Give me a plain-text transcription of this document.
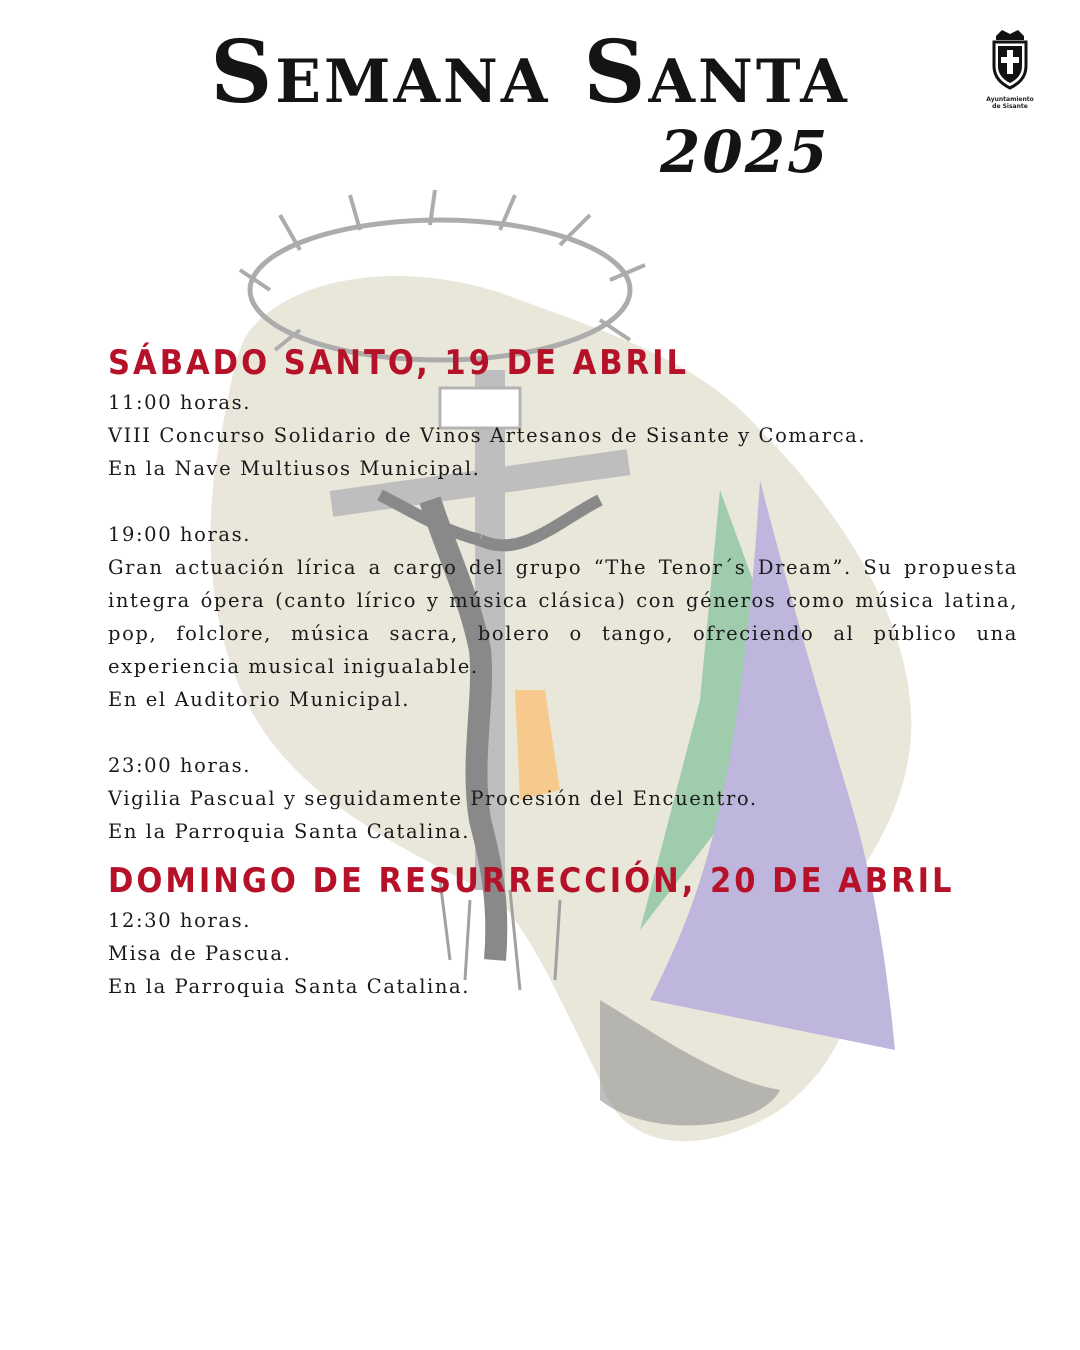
Semana Santa
2025
Ayuntamiento
de Sisante
SÁBADO SANTO, 19 DE ABRIL
11:00 horas.
VIII Concurso Solidario de Vinos Artesanos de Sisante y Comarca.
En la Nave Multiusos Municipal.
19:00 horas.
Gran actuación lírica a cargo del grupo “The Tenor´s Dream”. Su propuesta integra ópera (canto lírico y música clásica) con géneros como música latina, pop, folclore, música sacra, bolero o tango, ofreciendo al público una experiencia musical inigualable.
En el Auditorio Municipal.
23:00 horas.
Vigilia Pascual y seguidamente Procesión del Encuentro.
En la Parroquia Santa Catalina.
DOMINGO DE RESURRECCIÓN, 20 DE ABRIL
12:30 horas.
Misa de Pascua.
En la Parroquia Santa Catalina.
